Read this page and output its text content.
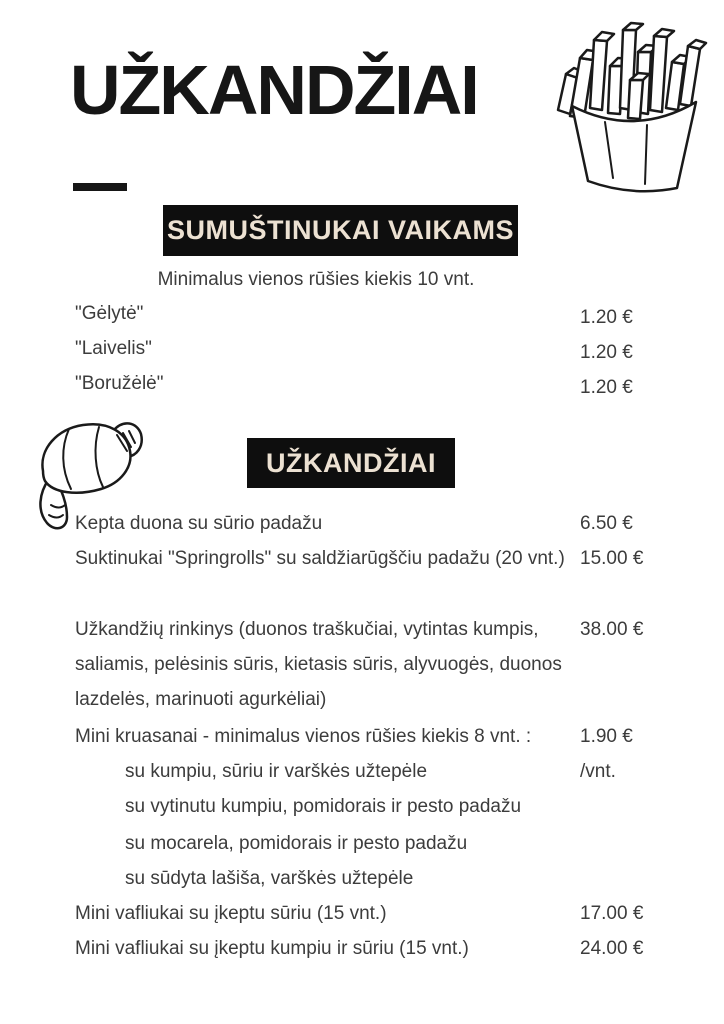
UŽKANDŽIAI
SUMUŠTINUKAI VAIKAMS
Minimalus vienos rūšies kiekis 10 vnt.
"Gėlytė"	1.20 €
"Laivelis"	1.20 €
"Boružėlė"	1.20 €
UŽKANDŽIAI
Kepta duona su sūrio padažu	6.50 €
Suktinukai "Springrolls" su saldžiarūgščiu padažu (20 vnt.) 15.00 €
Užkandžių rinkinys (duonos traškučiai, vytintas kumpis, saliamis, pelėsinis sūris, kietasis sūris, alyvuogės, duonos lazdelės, marinuoti agurkėliai)
38.00 €
Mini kruasanai - minimalus vienos rūšies kiekis 8 vnt. :	1.90 €
/vnt.
su kumpiu, sūriu ir varškės užtepėle
su vytinutu kumpiu, pomidorais ir pesto padažu
su mocarela, pomidorais ir pesto padažu
su sūdyta lašiša, varškės užtepėle
Mini vafliukai su įkeptu sūriu (15 vnt.)	17.00 €
Mini vafliukai su įkeptu kumpiu ir sūriu (15 vnt.)	24.00 €
